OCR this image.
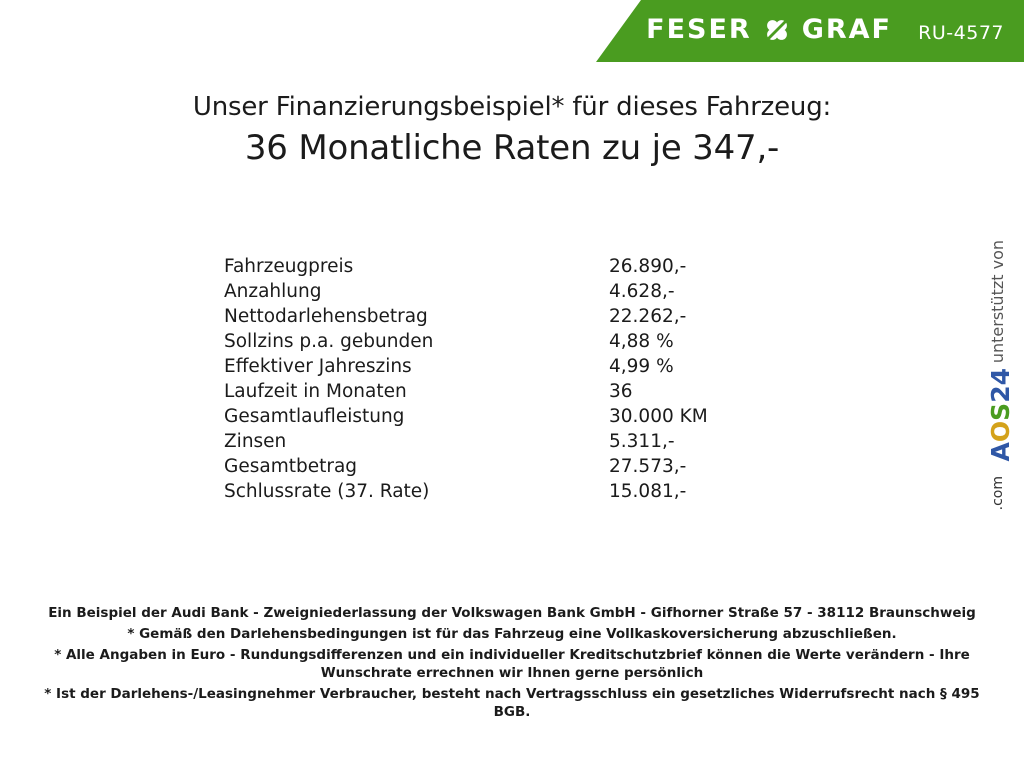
FESER GRAF RU-4577
Unser Finanzierungsbeispiel* für dieses Fahrzeug:
36 Monatliche Raten zu je 347,-
Fahrzeugpreis	26.890,-
Anzahlung	4.628,-
Nettodarlehensbetrag	22.262,-
Sollzins p.a. gebunden	4,88 %
Effektiver Jahreszins	4,99 %
Laufzeit in Monaten	36
Gesamtlaufleistung	30.000 KM
Zinsen	5.311,-
Gesamtbetrag	27.573,-
Schlussrate (37. Rate)	15.081,-
unterstützt von
AOS24
.com

Ein Beispiel der Audi Bank - Zweigniederlassung der Volkswagen Bank GmbH - Gifhorner Straße 57 - 38112 Braunschweig

* Gemäß den Darlehensbedingungen ist für das Fahrzeug eine Vollkaskoversicherung abzuschließen.

* Alle Angaben in Euro - Rundungsdifferenzen und ein individueller Kreditschutzbrief können die Werte verändern - Ihre Wunschrate errechnen wir Ihnen gerne persönlich

* Ist der Darlehens-/Leasingnehmer Verbraucher, besteht nach Vertragsschluss ein gesetzliches Widerrufsrecht nach § 495 BGB.
